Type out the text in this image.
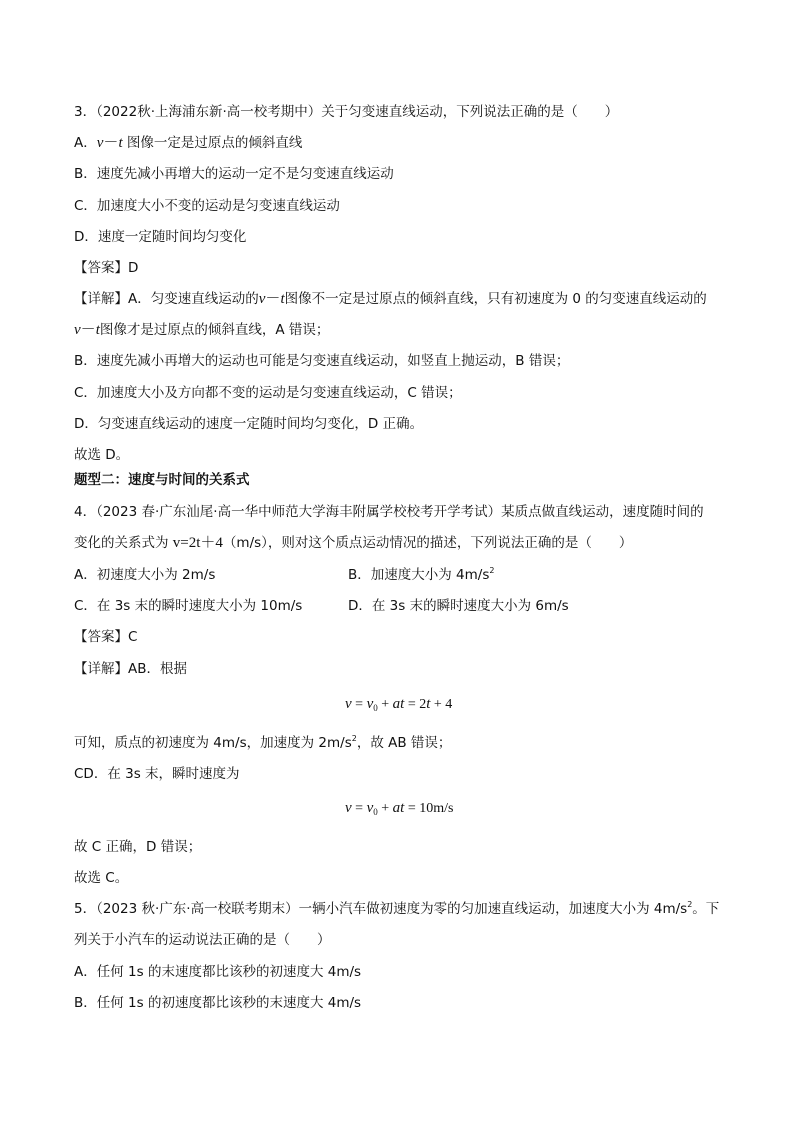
3．（2022秋·上海浦东新·高一校考期中）关于匀变速直线运动，下列说法正确的是（　　）
A．v－t 图像一定是过原点的倾斜直线
B．速度先减小再增大的运动一定不是匀变速直线运动
C．加速度大小不变的运动是匀变速直线运动
D．速度一定随时间均匀变化
【答案】D
【详解】A．匀变速直线运动的v－t图像不一定是过原点的倾斜直线，只有初速度为 0 的匀变速直线运动的
v－t图像才是过原点的倾斜直线，A 错误；
B．速度先减小再增大的运动也可能是匀变速直线运动，如竖直上抛运动，B 错误；
C．加速度大小及方向都不变的运动是匀变速直线运动，C 错误；
D．匀变速直线运动的速度一定随时间均匀变化，D 正确。
故选 D。
题型二：速度与时间的关系式
4．（2023 春·广东汕尾·高一华中师范大学海丰附属学校校考开学考试）某质点做直线运动，速度随时间的
变化的关系式为 v=2t＋4（m/s），则对这个质点运动情况的描述，下列说法正确的是（　　）
A．初速度大小为 2m/s	B．加速度大小为 $4m/s^2$
C．在 3s 末的瞬时速度大小为 10m/s	D．在 3s 末的瞬时速度大小为 6m/s
【答案】C
【详解】AB．根据
$v = v_0$ + at = 2t + 4
可知，质点的初速度为 4m/s，加速度为 $2m/s^2$，故 AB 错误；
CD．在 3s 末，瞬时速度为
$v = v_0$ + at = 10m/s
故 C 正确，D 错误；
故选 C。
5．（2023 秋·广东·高一校联考期末）一辆小汽车做初速度为零的匀加速直线运动，加速度大小为 $4m/s^2$。下
列关于小汽车的运动说法正确的是（　　）
A．任何 1s 的末速度都比该秒的初速度大 4m/s
B．任何 1s 的初速度都比该秒的末速度大 4m/s
